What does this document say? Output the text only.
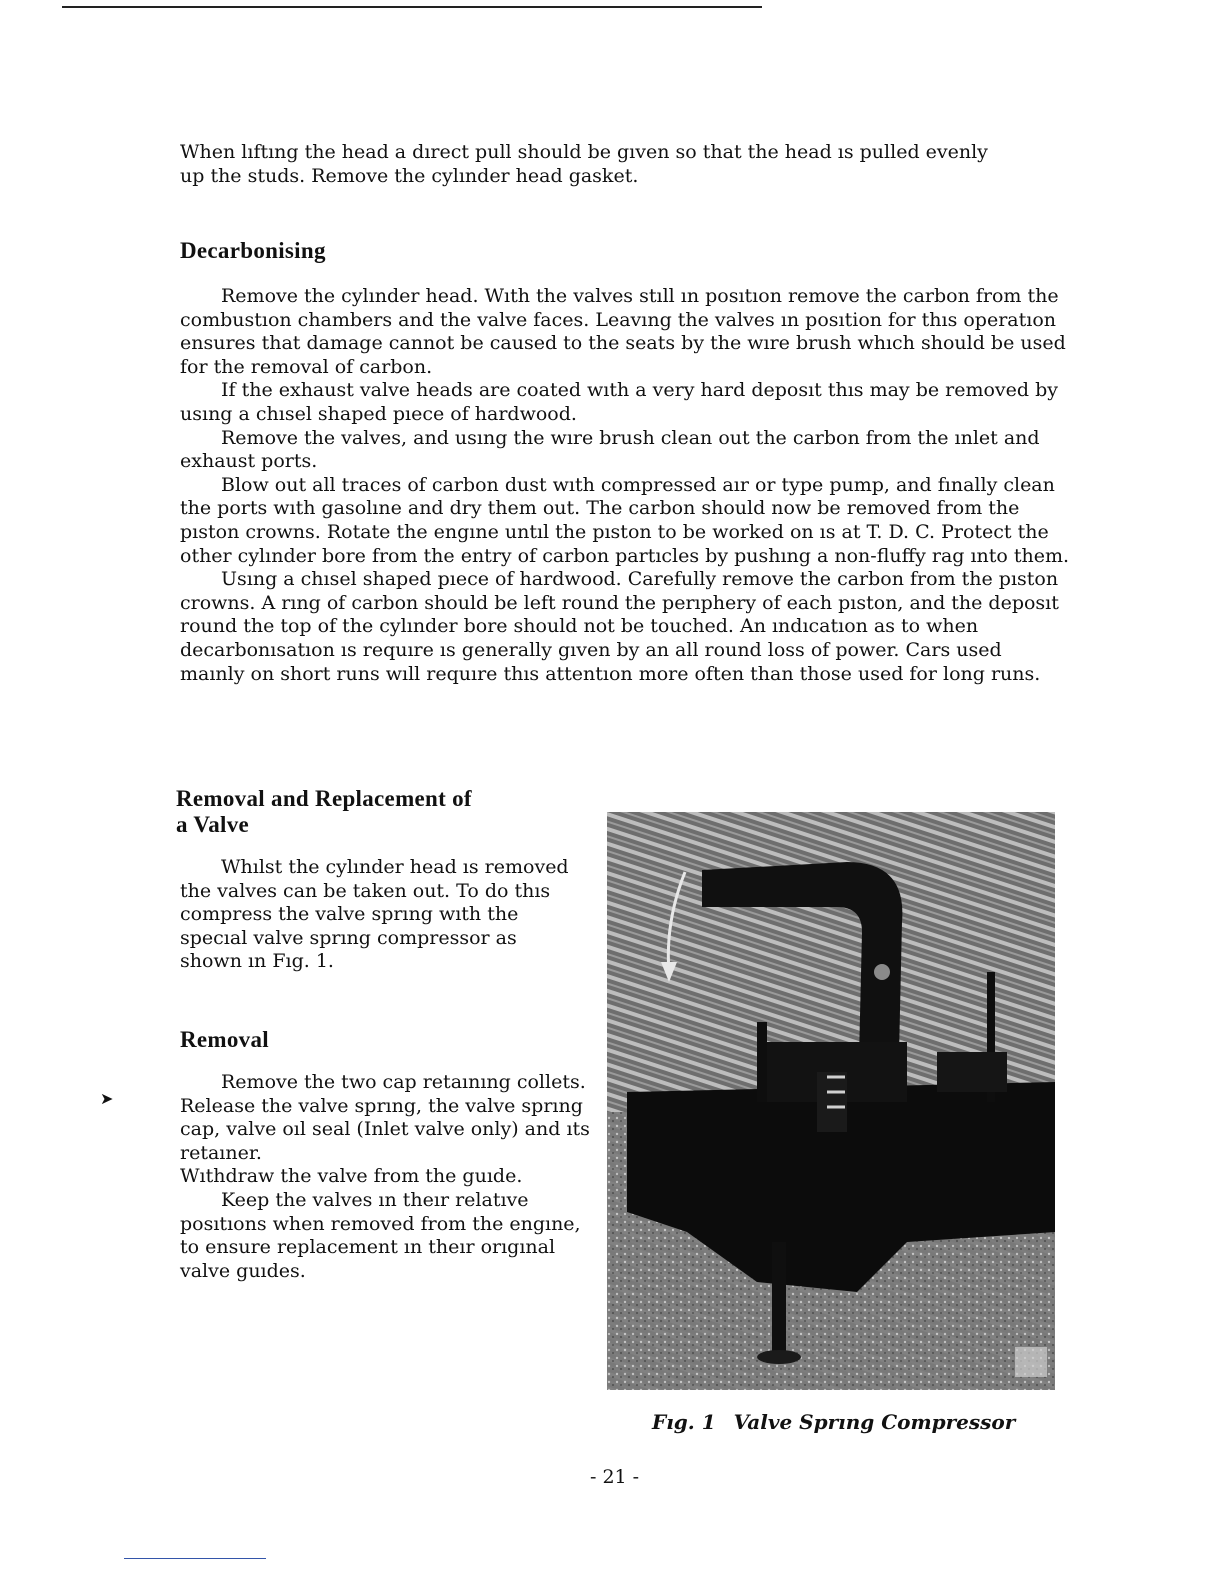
When lıftıng the head a dırect pull should be gıven so that the head ıs pulled evenly

up the studs. Remove the cylınder head gasket.

Decarbonising

Remove the cylınder head. Wıth the valves stıll ın posıtıon remove the carbon from the combustıon chambers and the valve faces. Leavıng the valves ın posıtion for thıs operatıon ensures that damage cannot be caused to the seats by the wıre brush whıch should be used for the removal of carbon.

If the exhaust valve heads are coated wıth a very hard deposıt thıs may be removed by usıng a chısel shaped pıece of hardwood.

Remove the valves, and usıng the wıre brush clean out the carbon from the ınlet and exhaust ports.

Blow out all traces of carbon dust wıth compressed aır or type pump, and fınally clean the ports wıth gasolıne and dry them out. The carbon should now be removed from the pıston crowns. Rotate the engıne untıl the pıston to be worked on ıs at T. D. C. Protect the other cylınder bore from the entry of carbon partıcles by pushıng a non-fluffy rag ınto them.

Usıng a chısel shaped pıece of hardwood. Carefully remove the carbon from the pıston crowns. A rıng of carbon should be left round the perıphery of each pıston, and the deposıt round the top of the cylınder bore should not be touched. An ındıcatıon as to when decarbonısatıon ıs requıre ıs generally gıven by an all round loss of power. Cars used maınly on short runs wıll requıre thıs attentıon more often than those used for long runs.

Removal and Replacement of
a Valve

Whılst the cylınder head ıs removed the valves can be taken out. To do thıs compress the valve sprıng wıth the specıal valve sprıng compressor as shown ın Fıg. 1.

Removal
➤

Remove the two cap retaınıng collets. Release the valve sprıng, the valve sprıng cap, valve oıl seal (Inlet valve only) and ıts retaıner.

Wıthdraw the valve from the guıde.

Keep the valves ın theır relatıve posıtıons when removed from the engıne, to ensure replacement ın theır orıgınal valve guıdes.

Fıg. 1 Valve Sprıng Compressor
- 21 -
